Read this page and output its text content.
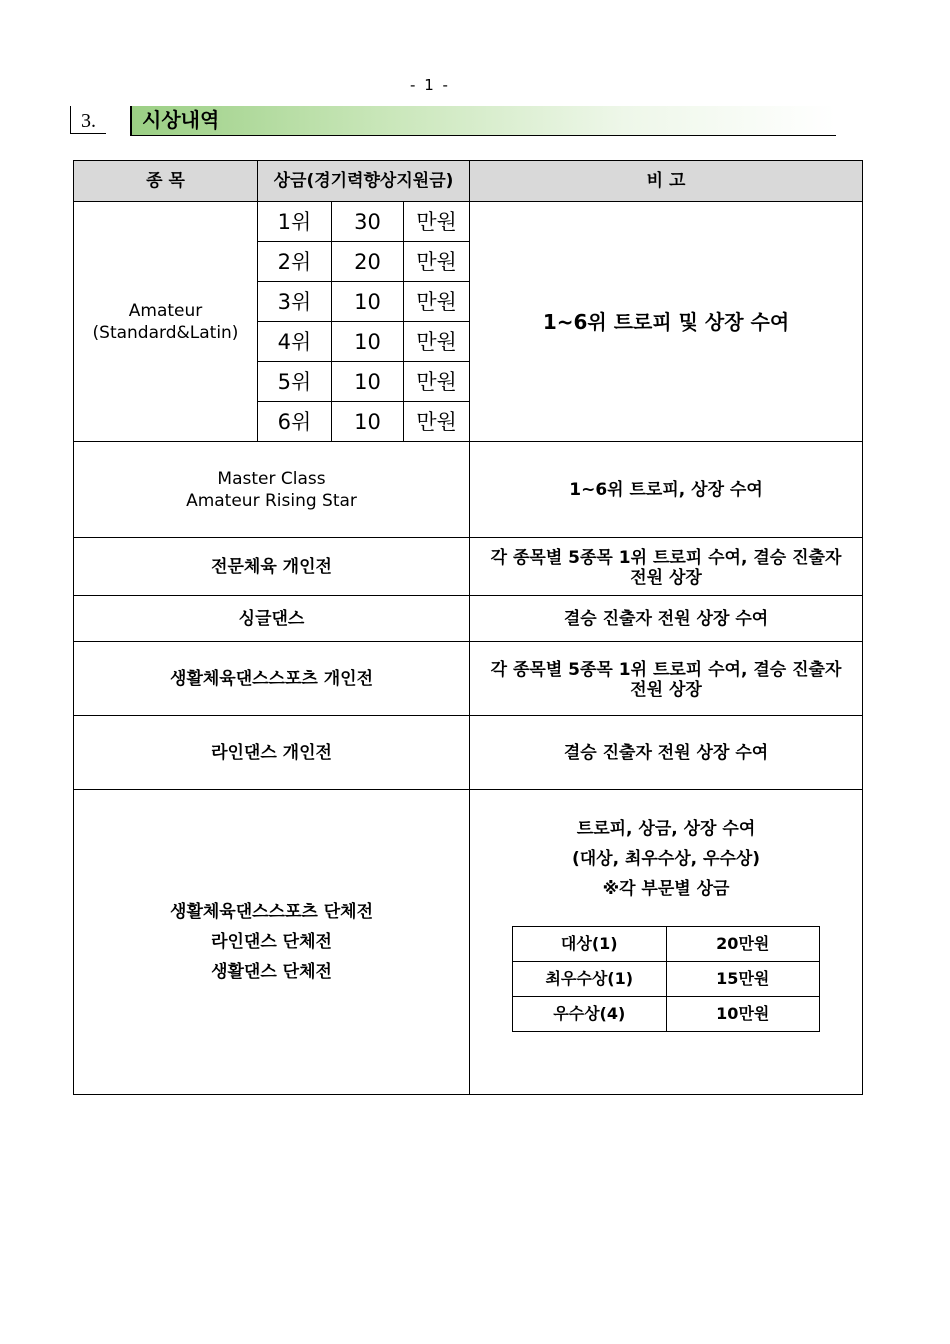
- 1 -
3.	시상내역
종 목	상금(경기력향상지원금)	비 고

Amateur
(Standard&Latin)
	1위	30	만원	1~6위 트로피 및 상장 수여
2위	20	만원
3위	10	만원
4위	10	만원
5위	10	만원
6위	10	만원

Master Class
Amateur Rising Star
	1~6위 트로피, 상장 수여
전문체육 개인전	각 종목별 5종목 1위 트로피 수여, 결승 진출자
전원 상장

싱글댄스	결승 진출자 전원 상장 수여
생활체육댄스스포츠 개인전	각 종목별 5종목 1위 트로피 수여, 결승 진출자
전원 상장

라인댄스 개인전	결승 진출자 전원 상장 수여

생활체육댄스스포츠 단체전
라인댄스 단체전
생활댄스 단체전

트로피, 상금, 상장 수여
(대상, 최우수상, 우수상)
※각 부문별 상금
대상(1)	20만원
최우수상(1)	15만원
우수상(4)	10만원
